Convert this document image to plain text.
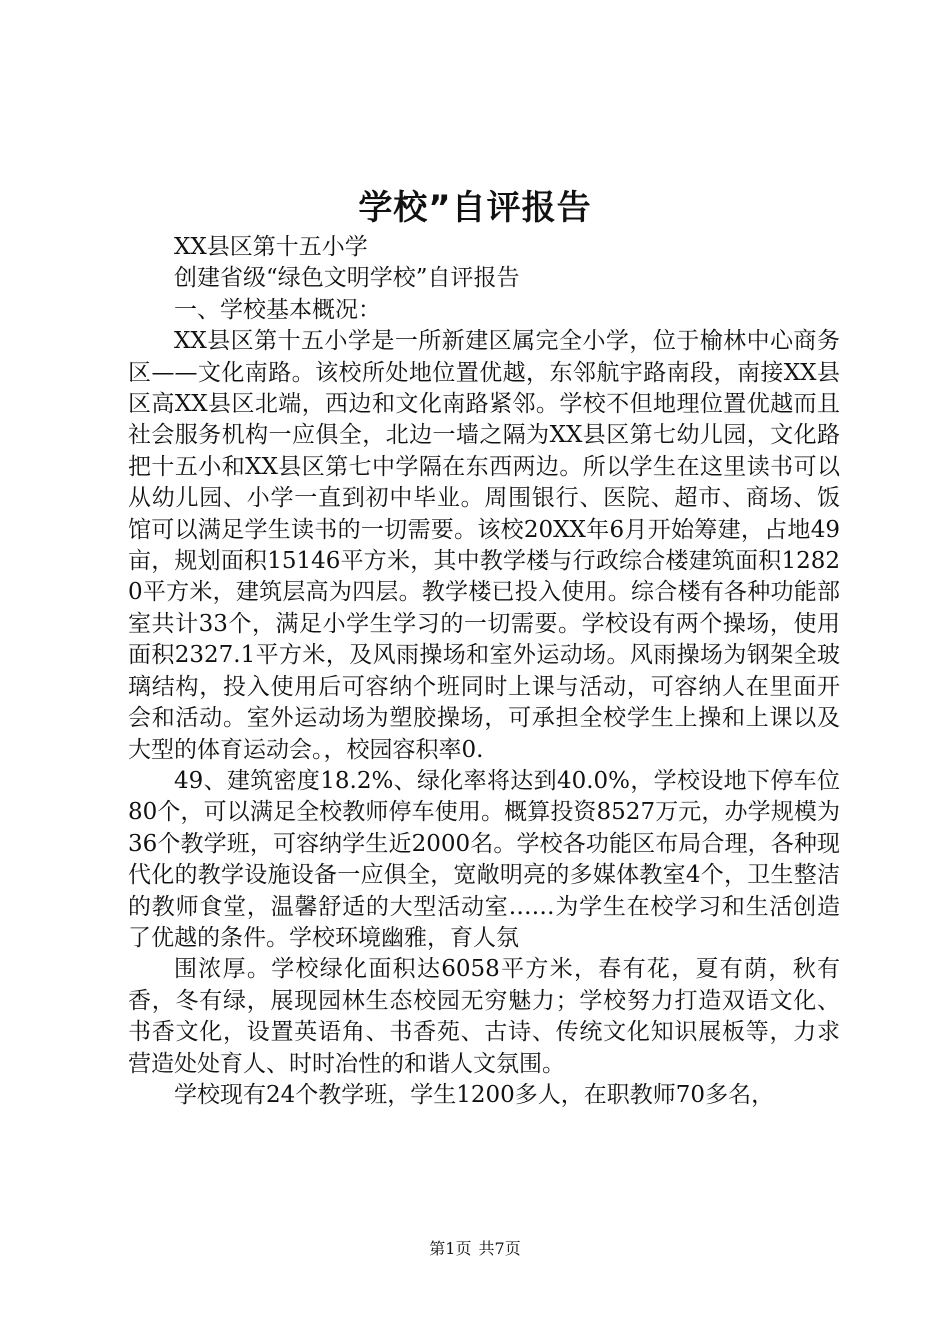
学校”自评报告

XX县区第十五小学

创建省级“绿色文明学校”自评报告

一、学校基本概况：

XX县区第十五小学是一所新建区属完全小学，位于榆林中心商务区——文化南路。该校所处地位置优越，东邻航宇路南段，南接XX县区高XX县区北端，西边和文化南路紧邻。学校不但地理位置优越而且社会服务机构一应俱全，北边一墙之隔为XX县区第七幼儿园，文化路把十五小和XX县区第七中学隔在东西两边。所以学生在这里读书可以从幼儿园、小学一直到初中毕业。周围银行、医院、超市、商场、饭馆可以满足学生读书的一切需要。该校20XX年6月开始筹建，占地49亩，规划面积15146平方米，其中教学楼与行政综合楼建筑面积12820平方米，建筑层高为四层。教学楼已投入使用。综合楼有各种功能部室共计33个，满足小学生学习的一切需要。学校设有两个操场，使用面积2327.1平方米，及风雨操场和室外运动场。风雨操场为钢架全玻璃结构，投入使用后可容纳个班同时上课与活动，可容纳人在里面开会和活动。室外运动场为塑胶操场，可承担全校学生上操和上课以及大型的体育运动会。，校园容积率0.

49、建筑密度18.2%、绿化率将达到40.0%，学校设地下停车位80个，可以满足全校教师停车使用。概算投资8527万元，办学规模为36个教学班，可容纳学生近2000名。学校各功能区布局合理，各种现代化的教学设施设备一应俱全，宽敞明亮的多媒体教室4个，卫生整洁的教师食堂，温馨舒适的大型活动室……为学生在校学习和生活创造了优越的条件。学校环境幽雅，育人氛

围浓厚。学校绿化面积达6058平方米，春有花，夏有荫，秋有香，冬有绿，展现园林生态校园无穷魅力；学校努力打造双语文化、书香文化，设置英语角、书香苑、古诗、传统文化知识展板等，力求营造处处育人、时时冶性的和谐人文氛围。

学校现有24个教学班，学生1200多人，在职教师70多名，

第1页 共7页
